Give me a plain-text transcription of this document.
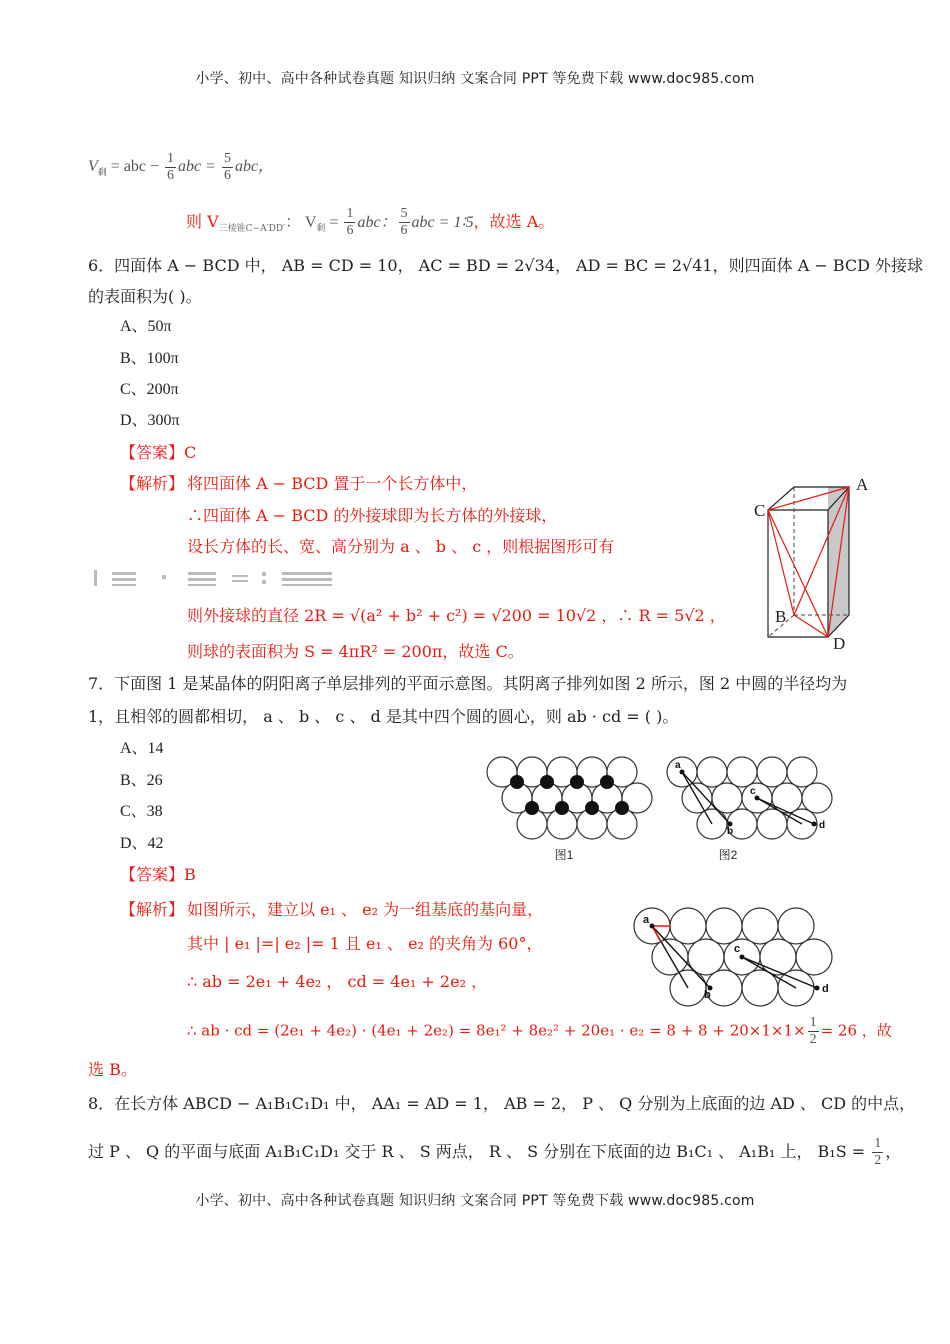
小学、初中、高中各种试卷真题 知识归纳 文案合同 PPT 等免费下载 www.doc985.com
小学、初中、高中各种试卷真题 知识归纳 文案合同 PPT 等免费下载 www.doc985.com
$V_剩$ = abc − $\frac{1}{6}$ abc = $\frac{5}{6}$ abc，
则 $V_{三棱锥C-A'DD'}$： $V_剩 = \frac{1}{6}$ abc： $\frac{5}{6}$ abc = 1∶5，故选 A。
6．四面体 A − BCD 中， AB = CD = 10， AC = BD = 2√34， AD = BC = 2√41，则四面体 A − BCD 外接球
的表面积为( )。
A、50π
B、100π
C、200π
D、300π
【答案】C
【解析】 将四面体 A − BCD 置于一个长方体中，
∴四面体 A − BCD 的外接球即为长方体的外接球，
设长方体的长、宽、高分别为 a 、 b 、 c ，则根据图形可有
则外接球的直径 2R = √(a² + b² + c²) = √200 = 10√2 ，∴ R = 5√2 ，
则球的表面积为 S = 4πR² = 200π，故选 C。
A
B
C
D
7．下面图 1 是某晶体的阴阳离子单层排列的平面示意图。其阴离子排列如图 2 所示，图 2 中圆的半径均为
1，且相邻的圆都相切， a 、 b 、 c 、 d 是其中四个圆的圆心，则 ab · cd = ( )。
A、14
B、26
C、38
D、42
【答案】B
【解析】 如图所示，建立以 e₁ 、 e₂ 为一组基底的基向量，
其中 | e₁ |=| e₂ |= 1 且 e₁ 、 e₂ 的夹角为 60°，
∴ ab = 2e₁ + 4e₂ ， cd = 4e₁ + 2e₂ ，
∴ ab · cd = $(2e_1 + 4e_2) \cdot (4e_1 + 2e_2) = 8e_1^2 + 8e_2^2 + 20e_1 \cdot e_2 = 8 + 8 + 20\times 1\times 1\times \frac{1}{2} = 26$ ，故
选 B。
图1
a
b
c
d
图2
a
b
c
d
8．在长方体 ABCD − A₁B₁C₁D₁ 中， AA₁ = AD = 1， AB = 2， P 、 Q 分别为上底面的边 AD 、 CD 的中点，
过 P 、 Q 的平面与底面 A₁B₁C₁D₁ 交于 R 、 S 两点， R 、 S 分别在下底面的边 B₁C₁ 、 A₁B₁ 上， $B_1S = \frac{1}{2}$ ，
